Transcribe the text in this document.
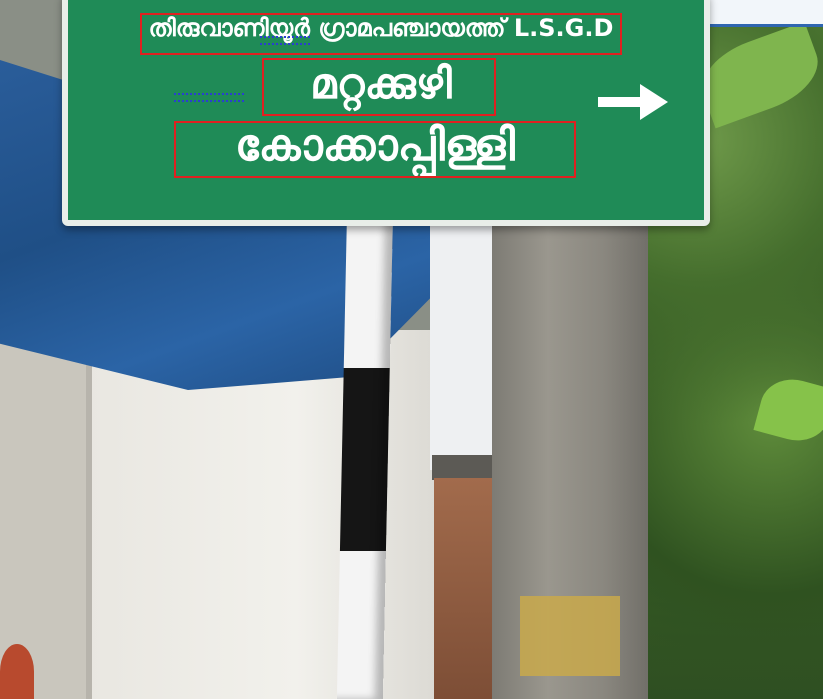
തിരുവാണിയൂർ ഗ്രാമപഞ്ചായത്ത് L.S.G.D
മറ്റക്കുഴി
കോക്കാപ്പിള്ളി
